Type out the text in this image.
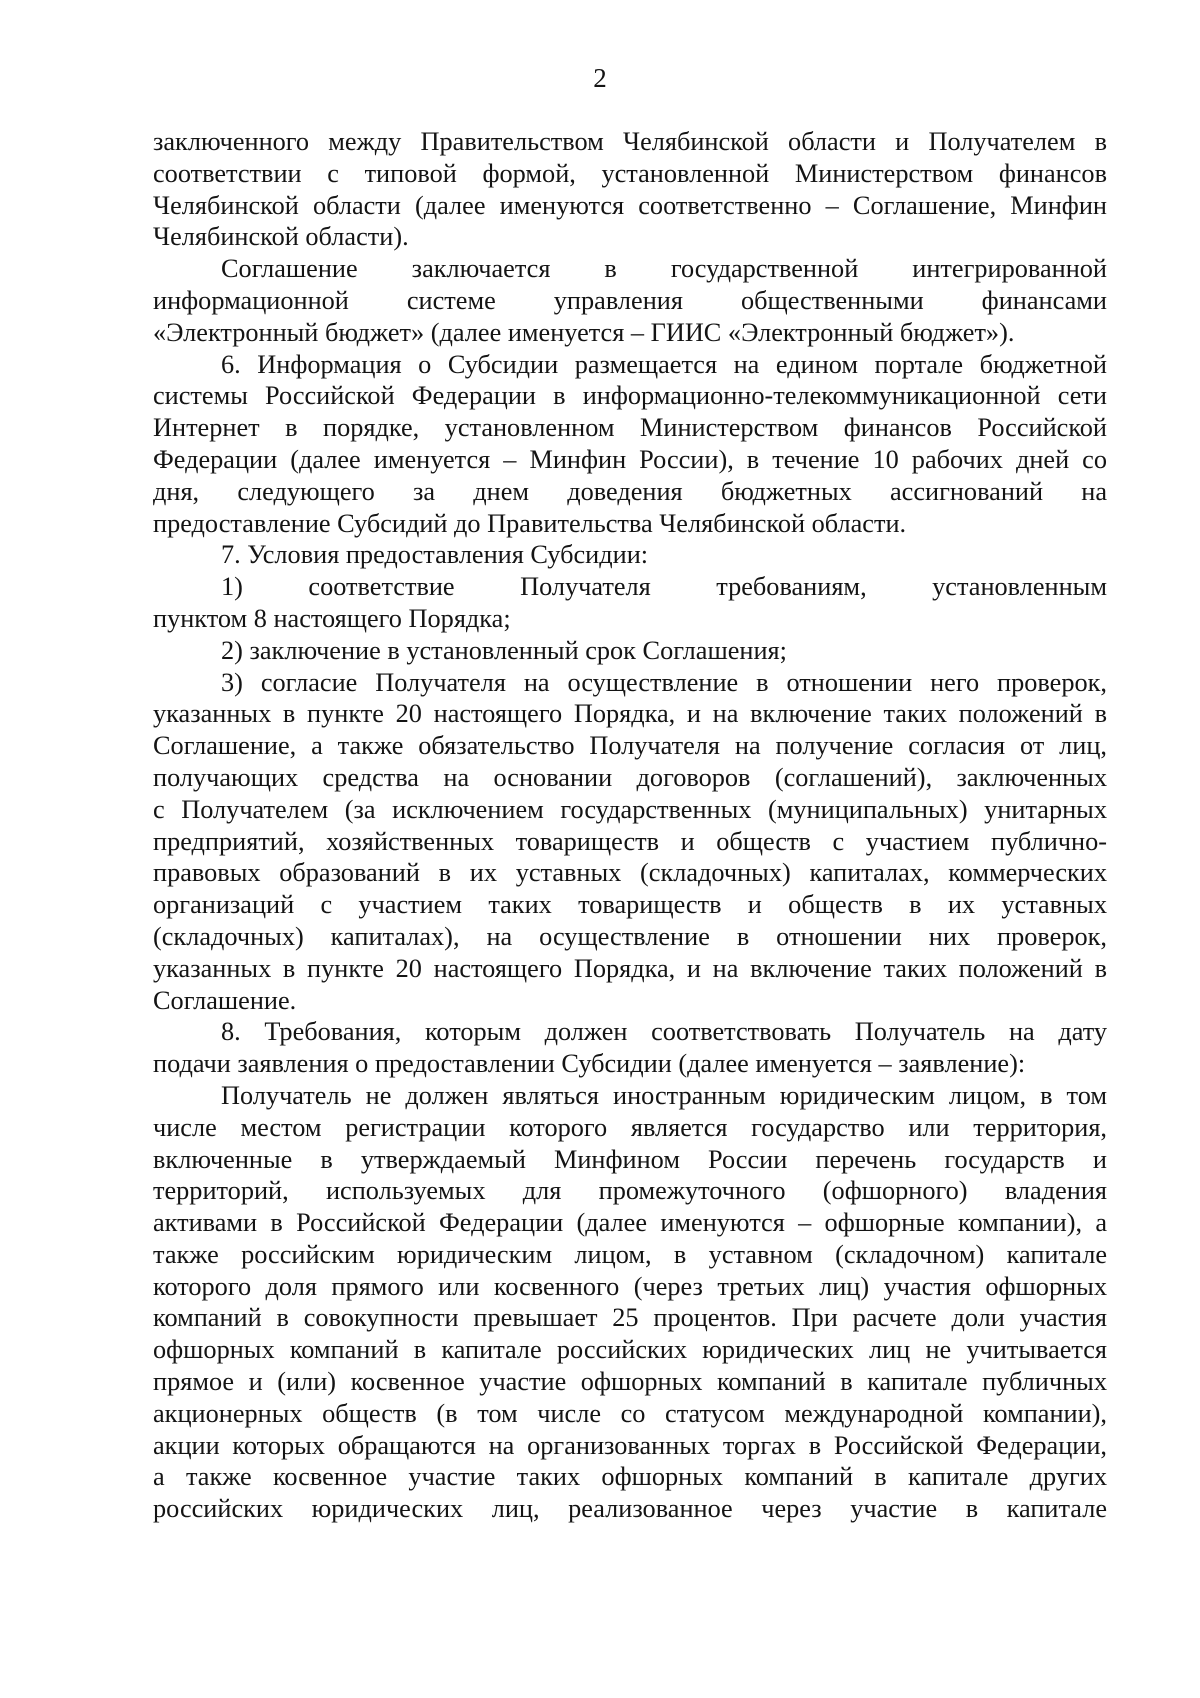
2
заключенного между Правительством Челябинской области и Получателем в
соответствии с типовой формой, установленной Министерством финансов
Челябинской области (далее именуются соответственно – Соглашение, Минфин
Челябинской области).
Соглашение заключается в государственной интегрированной
информационной системе управления общественными финансами
«Электронный бюджет» (далее именуется – ГИИС «Электронный бюджет»).
6. Информация о Субсидии размещается на едином портале бюджетной
системы Российской Федерации в информационно-телекоммуникационной сети
Интернет в порядке, установленном Министерством финансов Российской
Федерации (далее именуется – Минфин России), в течение 10 рабочих дней со
дня, следующего за днем доведения бюджетных ассигнований на
предоставление Субсидий до Правительства Челябинской области.
7. Условия предоставления Субсидии:
1) соответствие Получателя требованиям, установленным
пунктом 8 настоящего Порядка;
2) заключение в установленный срок Соглашения;
3) согласие Получателя на осуществление в отношении него проверок,
указанных в пункте 20 настоящего Порядка, и на включение таких положений в
Соглашение, а также обязательство Получателя на получение согласия от лиц,
получающих средства на основании договоров (соглашений), заключенных
с Получателем (за исключением государственных (муниципальных) унитарных
предприятий, хозяйственных товариществ и обществ с участием публично-
правовых образований в их уставных (складочных) капиталах, коммерческих
организаций с участием таких товариществ и обществ в их уставных
(складочных) капиталах), на осуществление в отношении них проверок,
указанных в пункте 20 настоящего Порядка, и на включение таких положений в
Соглашение.
8. Требования, которым должен соответствовать Получатель на дату
подачи заявления о предоставлении Субсидии (далее именуется – заявление):
Получатель не должен являться иностранным юридическим лицом, в том
числе местом регистрации которого является государство или территория,
включенные в утверждаемый Минфином России перечень государств и
территорий, используемых для промежуточного (офшорного) владения
активами в Российской Федерации (далее именуются – офшорные компании), а
также российским юридическим лицом, в уставном (складочном) капитале
которого доля прямого или косвенного (через третьих лиц) участия офшорных
компаний в совокупности превышает 25 процентов. При расчете доли участия
офшорных компаний в капитале российских юридических лиц не учитывается
прямое и (или) косвенное участие офшорных компаний в капитале публичных
акционерных обществ (в том числе со статусом международной компании),
акции которых обращаются на организованных торгах в Российской Федерации,
а также косвенное участие таких офшорных компаний в капитале других
российских юридических лиц, реализованное через участие в капитале
